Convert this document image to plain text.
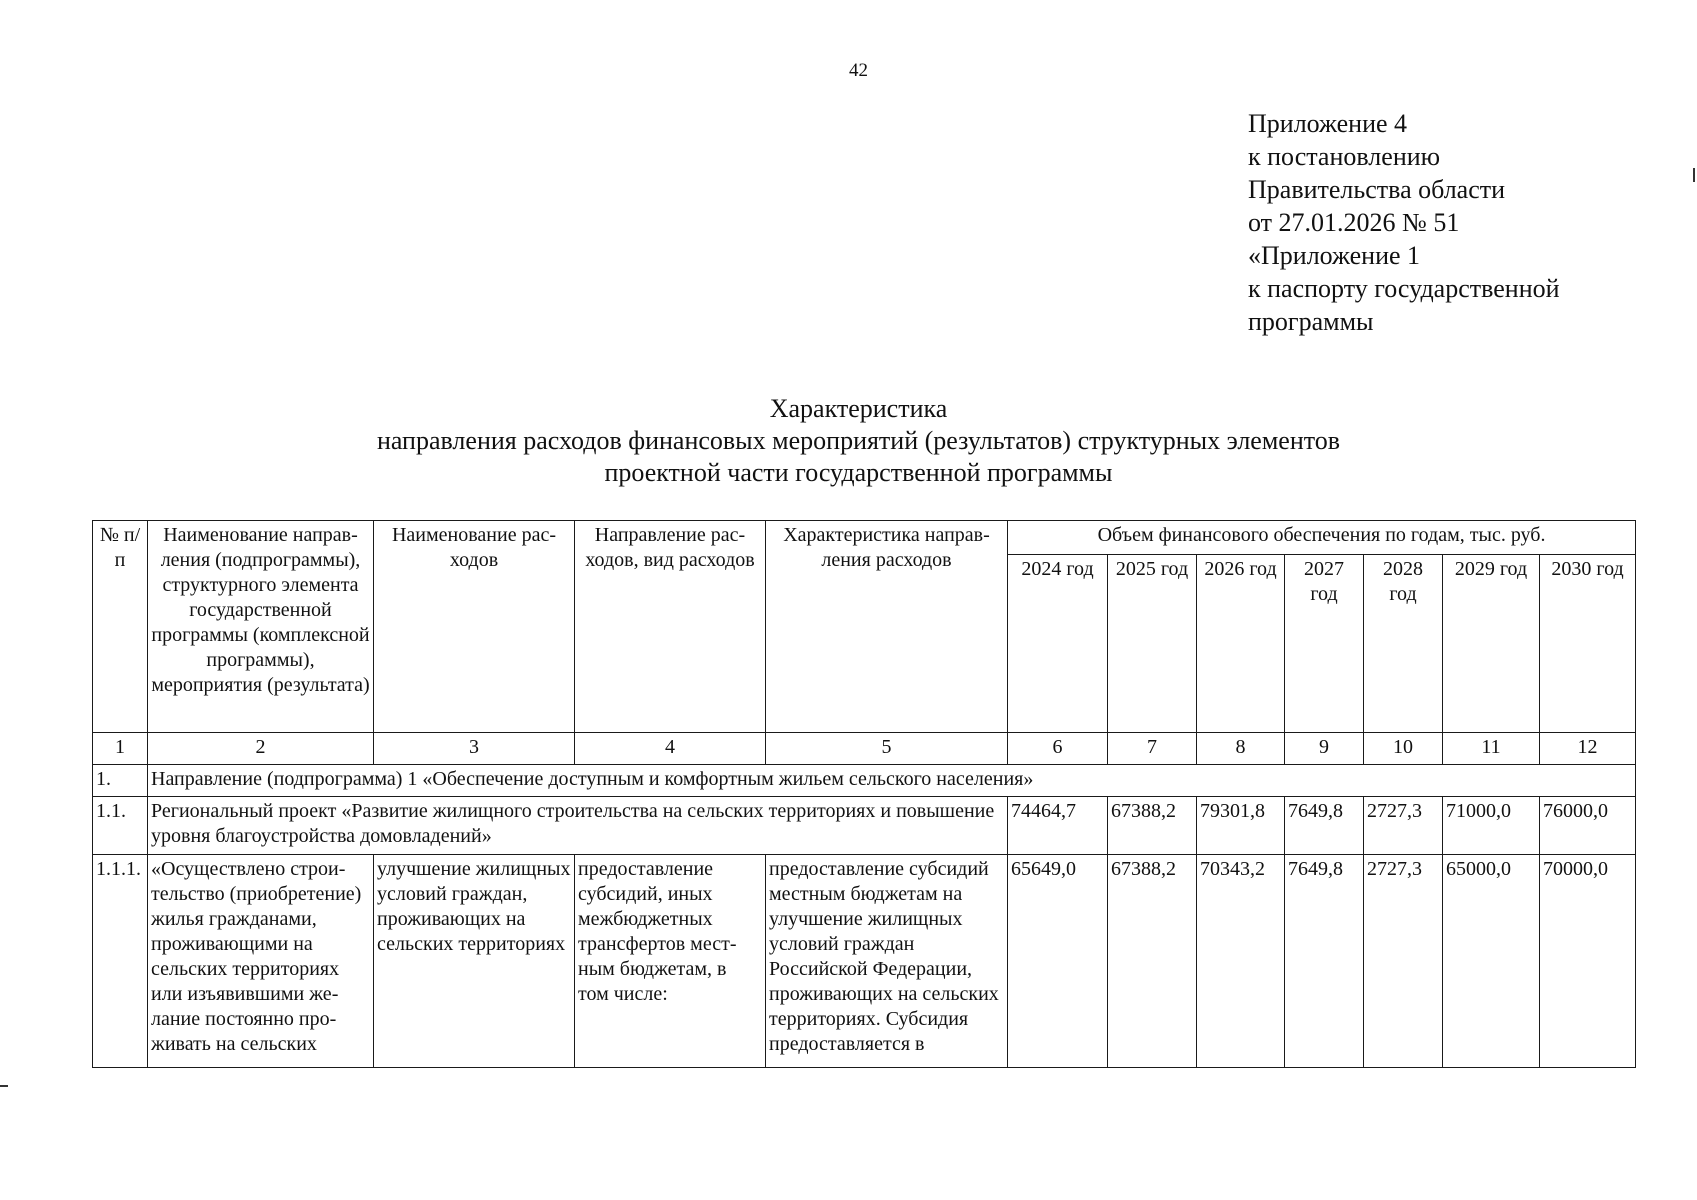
42
Приложение 4
к постановлению
Правительства области
от 27.01.2026 № 51
«Приложение 1
к паспорту государственной
программы
Характеристика
направления расходов финансовых мероприятий (результатов) структурных элементов
проектной части государственной программы
№ п/п	Наименование направления (подпрограммы), структурного элемента государственной программы (комплексной программы), мероприятия (результата)	Наименование расходов	Направление расходов, вид расходов	Характеристика направления расходов	Объем финансового обеспечения по годам, тыс. руб.						
					2024 год	2025 год	2026 год	2027 год	2028 год	2029 год	2030 год
1	2	3	4	5	6	7	8	9	10	11	12
1.	Направление (подпрограмма) 1 «Обеспечение доступным и комфортным жильем сельского населения»										
1.1.	Региональный проект «Развитие жилищного строительства на сельских территориях и повышение уровня благоустройства домовладений»				74464,7	67388,2	79301,8	7649,8	2727,3	71000,0	76000,0
1.1.1.	«Осуществлено строительство (приобретение) жилья гражданами, проживающими на сельских территориях или изъявившими желание постоянно проживать на сельских	улучшение жилищных условий граждан, проживающих на сельских территориях	предоставление субсидий, иных межбюджетных трансфертов местным бюджетам, в том числе:	предоставление субсидий местным бюджетам на улучшение жилищных условий граждан Российской Федерации, проживающих на сельских территориях. Субсидия предоставляется в	65649,0	67388,2	70343,2	7649,8	2727,3	65000,0	70000,0
